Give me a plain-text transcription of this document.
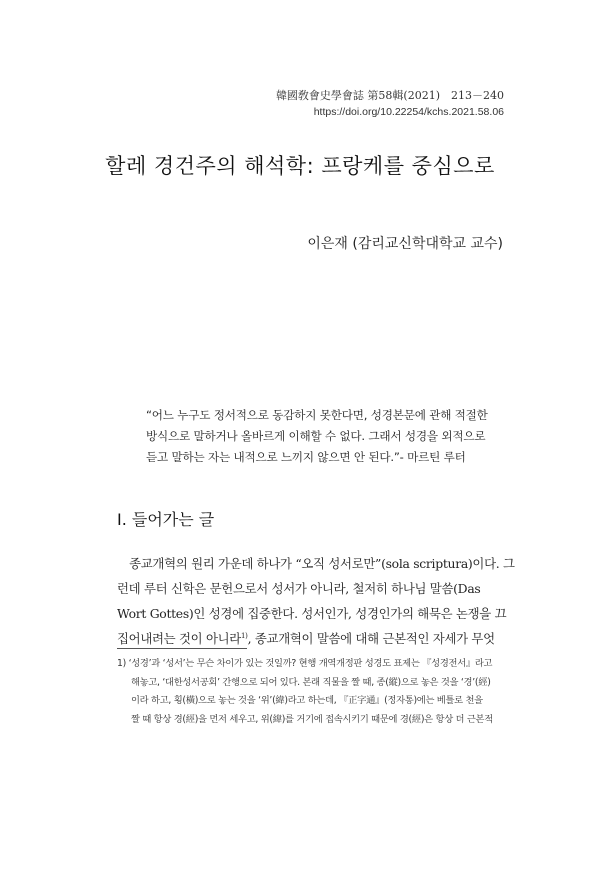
韓國敎會史學會誌 第58輯(2021)　213－240
https://doi.org/10.22254/kchs.2021.58.06
할레 경건주의 해석학: 프랑케를 중심으로
이은재 (감리교신학대학교 교수)

“어느 누구도 정서적으로 동감하지 못한다면, 성경본문에 관해 적절한

방식으로 말하거나 올바르게 이해할 수 없다. 그래서 성경을 외적으로

듣고 말하는 자는 내적으로 느끼지 않으면 안 된다.”- 마르틴 루터

I. 들어가는 글
　종교개혁의 원리 가운데 하나가 “오직 성서로만”(sola scriptura)이다. 그
런데 루터 신학은 문헌으로서 성서가 아니라, 철저히 하나님 말씀(Das
Wort Gottes)인 성경에 집중한다. 성서인가, 성경인가의 해묵은 논쟁을 끄
집어내려는 것이 아니라$^{1)}$, 종교개혁이 말씀에 대해 근본적인 자세가 무엇
1) ‘성경’과 ‘성서’는 무슨 차이가 있는 것일까? 현행 개역개정판 성경도 표제는 『성경전서』라고
해놓고, ‘대한성서공회’ 간행으로 되어 있다. 본래 직물을 짤 때, 종(縱)으로 놓은 것을 ‘경’(經)
이라 하고, 횡(橫)으로 놓는 것을 ‘위’(緯)라고 하는데, 『正字通』(정자통)에는 베틀로 천을
짤 때 항상 경(經)을 먼저 세우고, 위(緯)를 거기에 접속시키기 때문에 경(經)은 항상 더 근본적
